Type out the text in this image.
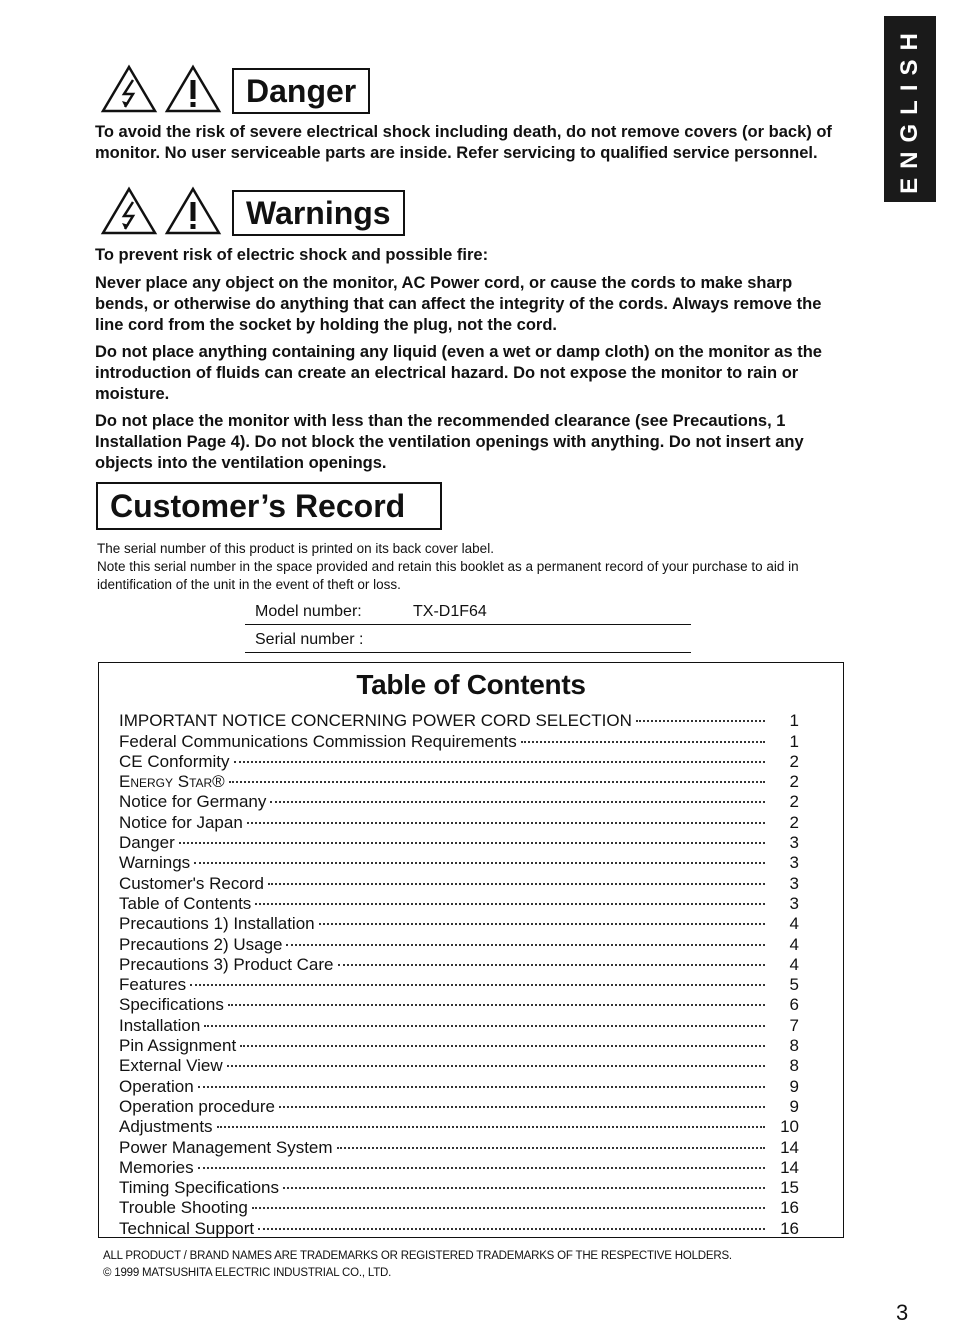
ENGLISH
Danger

To avoid the risk of severe electrical shock including death, do not remove covers (or back) of monitor. No user serviceable parts are inside. Refer servicing to qualified service personnel.

Warnings

To prevent risk of electric shock and possible fire:

Never place any object on the monitor, AC Power cord, or cause the cords to make sharp bends, or otherwise do anything that can affect the integrity of the cords. Always remove the line cord from the socket by holding the plug, not the cord.

Do not place anything containing any liquid (even a wet or damp cloth) on the monitor as the introduction of fluids can create an electrical hazard. Do not expose the monitor to rain or moisture.

Do not place the monitor with less than the recommended clearance (see Precautions, 1 Installation Page 4). Do not block the ventilation openings with anything. Do not insert any objects into the ventilation openings.

Customer’s Record

The serial number of this product is printed on its back cover label.

Note this serial number in the space provided and retain this booklet as a permanent record of your purchase to aid in identification of the unit in the event of theft or loss.

Model number:	TX-D1F64
Serial number :
Table of Contents
IMPORTANT NOTICE CONCERNING POWER CORD SELECTION	1
Federal Communications Commission Requirements	1
CE Conformity	2
Energy Star®	2
Notice for Germany	2
Notice for Japan	2
Danger	3
Warnings	3
Customer's Record	3
Table of Contents	3
Precautions 1) Installation	4
Precautions 2) Usage	4
Precautions 3) Product Care	4
Features	5
Specifications	6
Installation	7
Pin Assignment	8
External View	8
Operation	9
Operation procedure	9
Adjustments	10
Power Management System	14
Memories	14
Timing Specifications	15
Trouble Shooting	16
Technical Support	16
ALL PRODUCT / BRAND NAMES ARE TRADEMARKS OR REGISTERED TRADEMARKS OF THE RESPECTIVE HOLDERS.
© 1999 MATSUSHITA ELECTRIC INDUSTRIAL CO., LTD.
3
